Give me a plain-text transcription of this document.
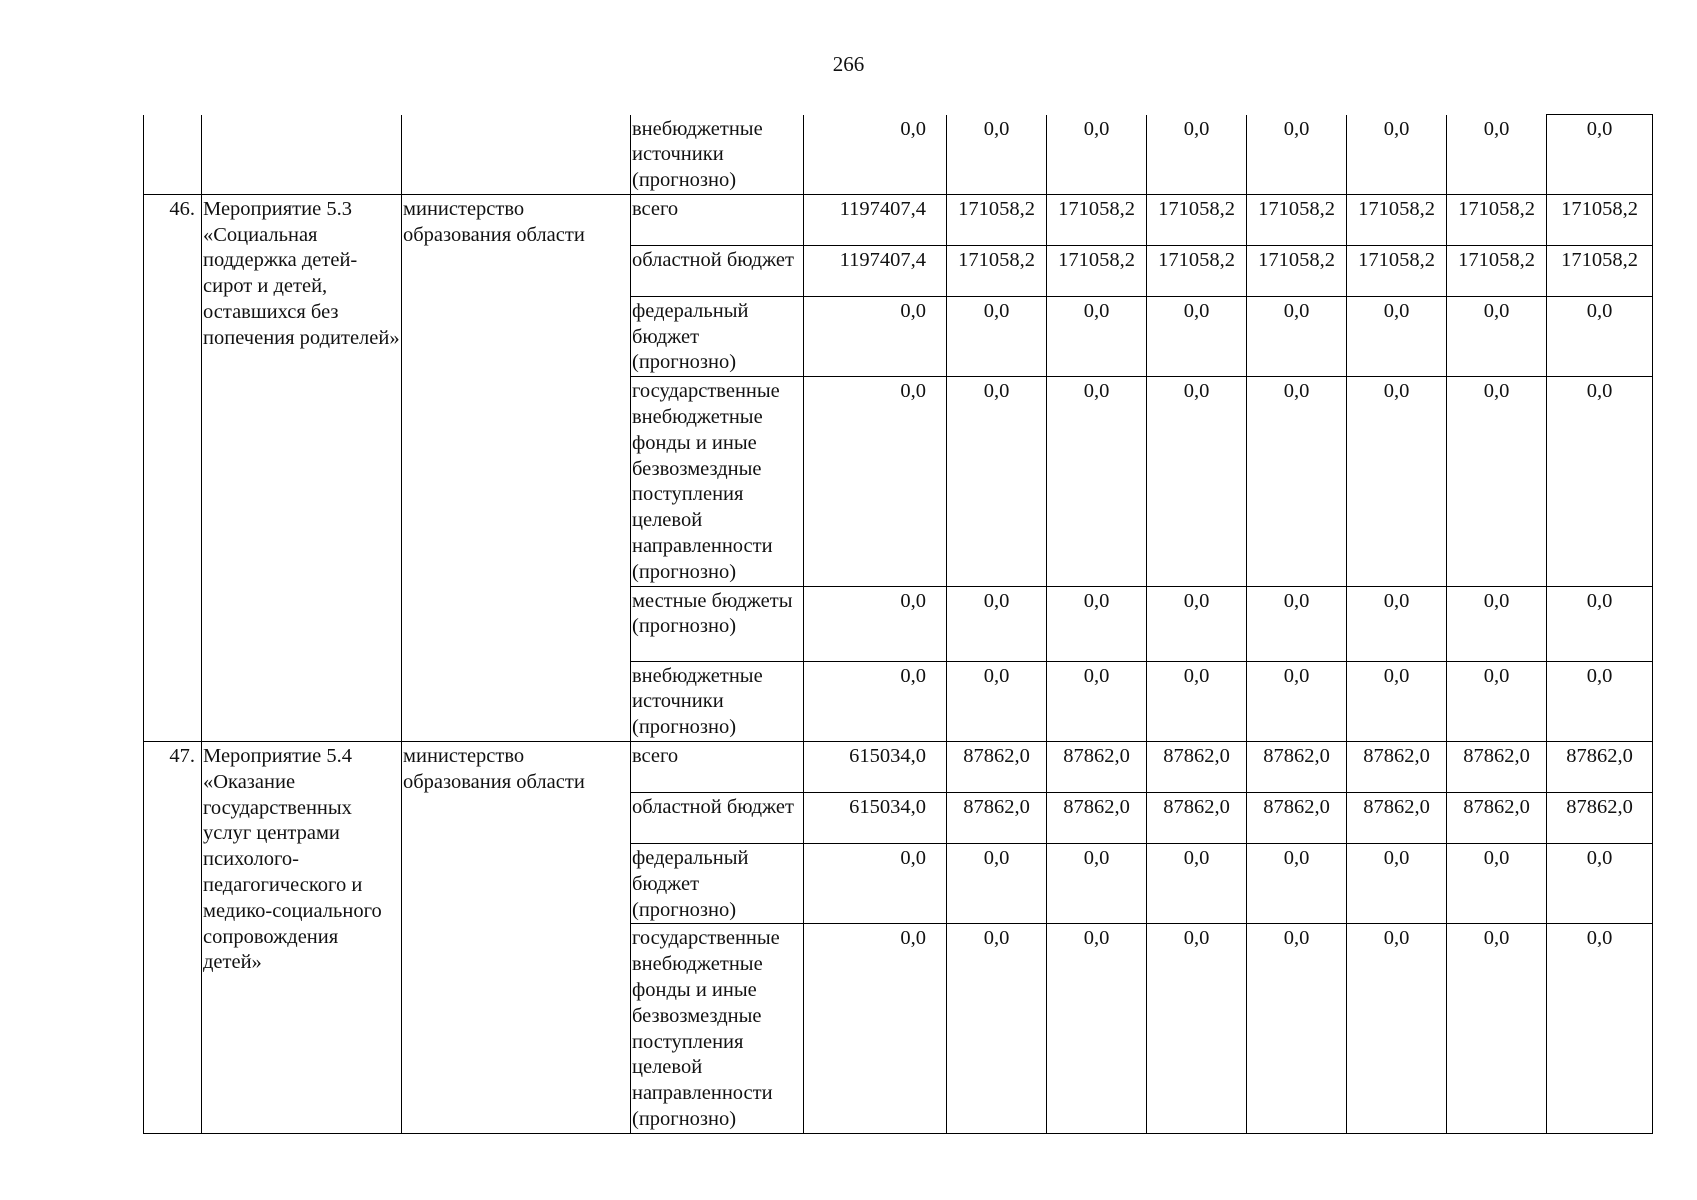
266
			внебюджетные источники (прогнозно)	0,0	0,0	0,0	0,0	0,0	0,0	0,0	0,0
46.	Мероприятие 5.3 «Социальная поддержка детей-сирот и детей, оставшихся без попечения родителей»	министерство образования области	всего	1197407,4	171058,2	171058,2	171058,2	171058,2	171058,2	171058,2	171058,2
			областной бюджет	1197407,4	171058,2	171058,2	171058,2	171058,2	171058,2	171058,2	171058,2
			федеральный бюджет (прогнозно)	0,0	0,0	0,0	0,0	0,0	0,0	0,0	0,0
			государственные внебюджетные фонды и иные безвозмездные поступления целевой направленности (прогнозно)	0,0	0,0	0,0	0,0	0,0	0,0	0,0	0,0
			местные бюджеты (прогнозно)	0,0	0,0	0,0	0,0	0,0	0,0	0,0	0,0
			внебюджетные источники (прогнозно)	0,0	0,0	0,0	0,0	0,0	0,0	0,0	0,0
47.	Мероприятие 5.4 «Оказание государственных услуг центрами психолого-педагогического и медико-социального сопровождения детей»	министерство образования области	всего	615034,0	87862,0	87862,0	87862,0	87862,0	87862,0	87862,0	87862,0
			областной бюджет	615034,0	87862,0	87862,0	87862,0	87862,0	87862,0	87862,0	87862,0
			федеральный бюджет (прогнозно)	0,0	0,0	0,0	0,0	0,0	0,0	0,0	0,0
			государственные внебюджетные фонды и иные безвозмездные поступления целевой направленности (прогнозно)	0,0	0,0	0,0	0,0	0,0	0,0	0,0	0,0
